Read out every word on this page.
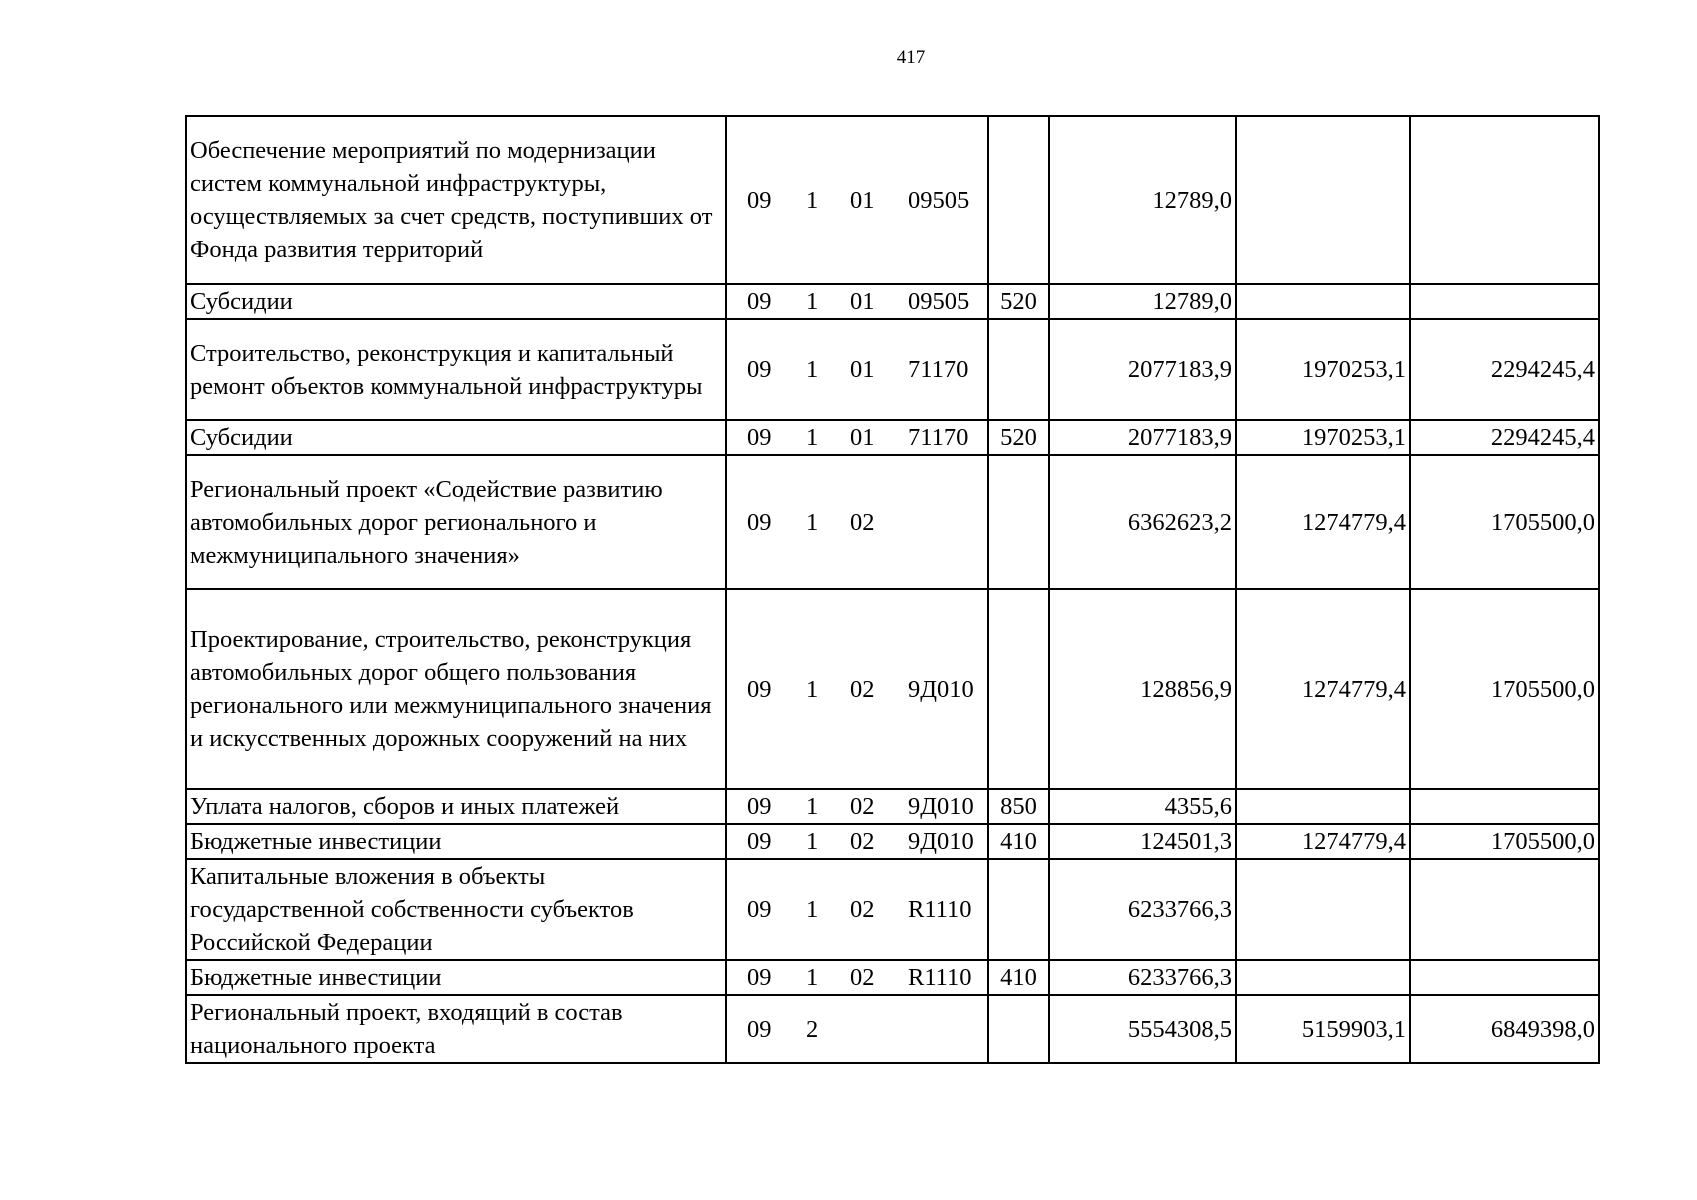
417
Обеспечение мероприятий по модернизации систем коммунальной инфраструктуры, осуществляемых за счет средств, поступивших от Фонда развития территорий	09 1 01 09505		12789,0		
Субсидии	09 1 01 09505	520	12789,0		
Строительство, реконструкция и капитальный ремонт объектов коммунальной инфраструктуры	09 1 01 71170		2077183,9	1970253,1	2294245,4
Субсидии	09 1 01 71170	520	2077183,9	1970253,1	2294245,4
Региональный проект «Содействие развитию автомобильных дорог регионального и межмуниципального значения»	09 1 02		6362623,2	1274779,4	1705500,0
Проектирование, строительство, реконструкция автомобильных дорог общего пользования регионального или межмуниципального значения и искусственных дорожных сооружений на них	09 1 02 9Д010		128856,9	1274779,4	1705500,0
Уплата налогов, сборов и иных платежей	09 1 02 9Д010	850	4355,6		
Бюджетные инвестиции	09 1 02 9Д010	410	124501,3	1274779,4	1705500,0
Капитальные вложения в объекты государственной собственности субъектов Российской Федерации	09 1 02 R1110		6233766,3		
Бюджетные инвестиции	09 1 02 R1110	410	6233766,3		
Региональный проект, входящий в состав национального проекта	09 2		5554308,5	5159903,1	6849398,0
